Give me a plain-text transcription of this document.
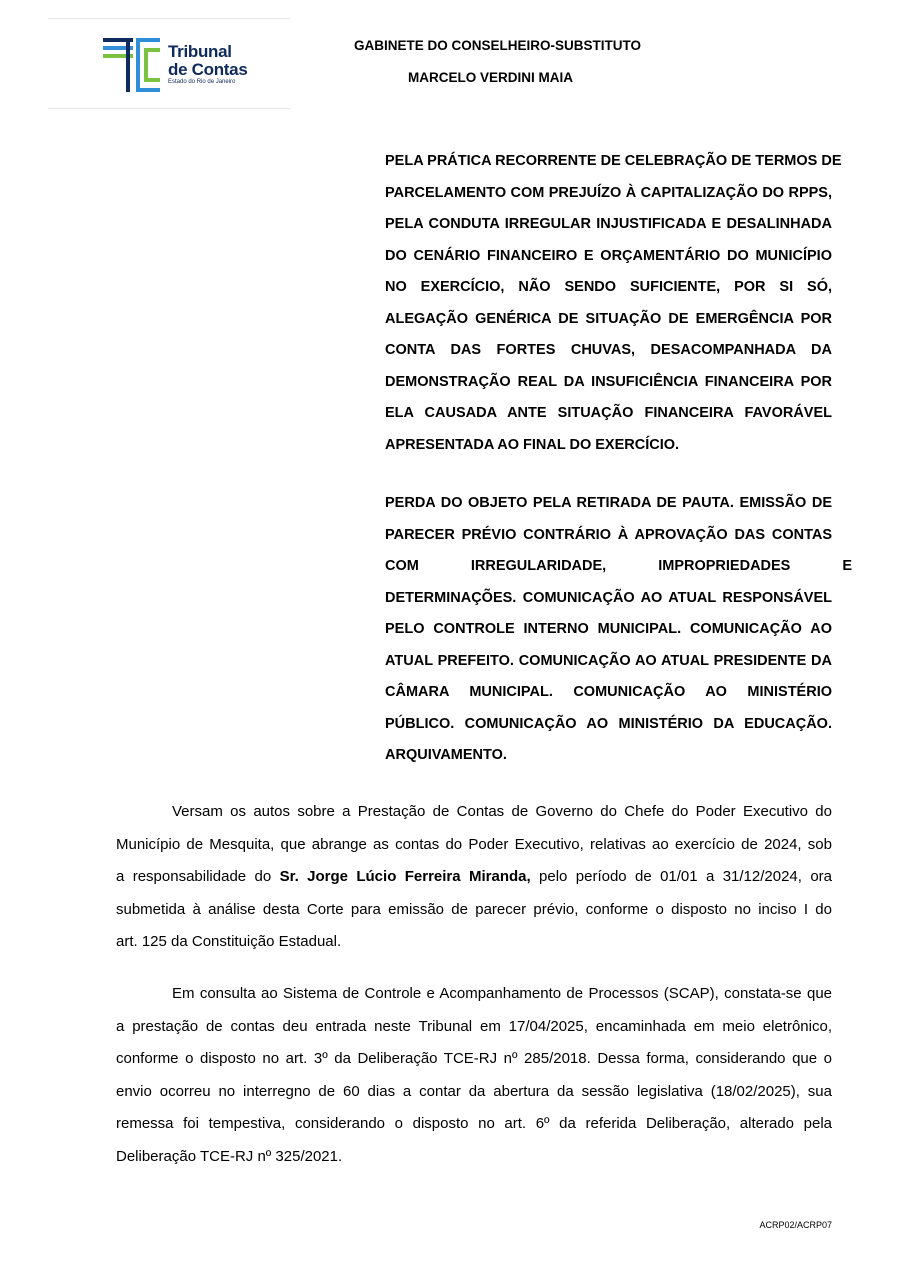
Tribunal
de Contas
Estado do Rio de Janeiro
GABINETE DO CONSELHEIRO-SUBSTITUTO
MARCELO VERDINI MAIA
PELA PRÁTICA RECORRENTE DE CELEBRAÇÃO DE TERMOS DE
PARCELAMENTO COM PREJUÍZO À CAPITALIZAÇÃO DO RPPS,
PELA CONDUTA IRREGULAR INJUSTIFICADA E DESALINHADA
DO CENÁRIO FINANCEIRO E ORÇAMENTÁRIO DO MUNICÍPIO
NO EXERCÍCIO, NÃO SENDO SUFICIENTE, POR SI SÓ,
ALEGAÇÃO GENÉRICA DE SITUAÇÃO DE EMERGÊNCIA POR
CONTA DAS FORTES CHUVAS, DESACOMPANHADA DA
DEMONSTRAÇÃO REAL DA INSUFICIÊNCIA FINANCEIRA POR
ELA CAUSADA ANTE SITUAÇÃO FINANCEIRA FAVORÁVEL
APRESENTADA AO FINAL DO EXERCÍCIO.
PERDA DO OBJETO PELA RETIRADA DE PAUTA. EMISSÃO DE
PARECER PRÉVIO CONTRÁRIO À APROVAÇÃO DAS CONTAS
COM IRREGULARIDADE, IMPROPRIEDADES E
DETERMINAÇÕES. COMUNICAÇÃO AO ATUAL RESPONSÁVEL
PELO CONTROLE INTERNO MUNICIPAL. COMUNICAÇÃO AO
ATUAL PREFEITO. COMUNICAÇÃO AO ATUAL PRESIDENTE DA
CÂMARA MUNICIPAL. COMUNICAÇÃO AO MINISTÉRIO
PÚBLICO. COMUNICAÇÃO AO MINISTÉRIO DA EDUCAÇÃO.
ARQUIVAMENTO.
Versam os autos sobre a Prestação de Contas de Governo do Chefe do Poder Executivo do
Município de Mesquita, que abrange as contas do Poder Executivo, relativas ao exercício de 2024, sob
a responsabilidade do Sr. Jorge Lúcio Ferreira Miranda, pelo período de 01/01 a 31/12/2024, ora
submetida à análise desta Corte para emissão de parecer prévio, conforme o disposto no inciso I do
art. 125 da Constituição Estadual.
Em consulta ao Sistema de Controle e Acompanhamento de Processos (SCAP), constata-se que
a prestação de contas deu entrada neste Tribunal em 17/04/2025, encaminhada em meio eletrônico,
conforme o disposto no art. 3º da Deliberação TCE-RJ nº 285/2018. Dessa forma, considerando que o
envio ocorreu no interregno de 60 dias a contar da abertura da sessão legislativa (18/02/2025), sua
remessa foi tempestiva, considerando o disposto no art. 6º da referida Deliberação, alterado pela
Deliberação TCE-RJ nº 325/2021.
ACRP02/ACRP07
